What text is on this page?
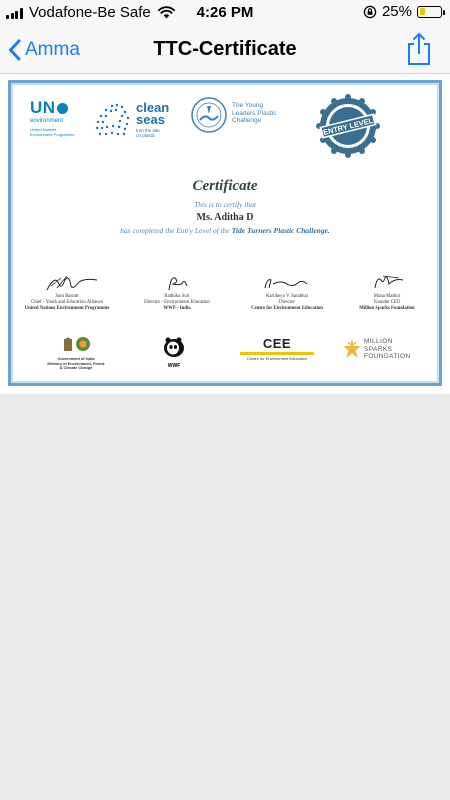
Vodafone-Be Safe	4:26 PM	25%
Amma	TTC-Certificate
UN
environment
United Nations
Environment Programme
clean
seas
turn the tide
on plastic
The Young
Leaders Plastic
Challenge	ENTRY LEVEL
Certificate
This is to certify that
Ms. Aditha D
has completed the Entry Level of the Tide Turners Plastic Challenge.
Sam Barratt
Chief - Youth and Education Alliance
United Nations Environment Programme
Radhika Suri
Director - Environment Education
WWF - India
Kartikeya V. Sarabhai
Director
Centre for Environment Education
Mona Mathur
Founder CEO
Million Sparks Foundation
Government of India
Ministry of Environment, Forest
& Climate Change	WWF
CEE
Centre for Environment Education
MILLION
SPARKS
FOUNDATION
